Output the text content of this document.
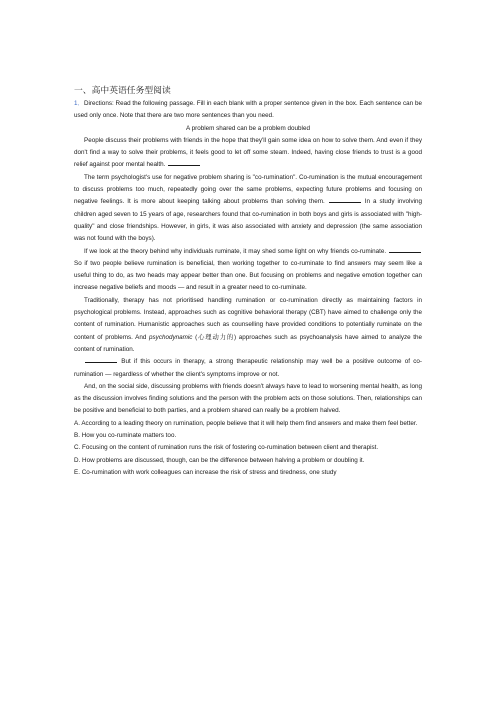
一、高中英语任务型阅读

1．Directions: Read the following passage. Fill in each blank with a proper sentence given in the box. Each sentence can be used only once. Note that there are two more sentences than you need.

A problem shared can be a problem doubled

People discuss their problems with friends in the hope that they'll gain some idea on how to solve them. And even if they don't find a way to solve their problems, it feels good to let off some steam. Indeed, having close friends to trust is a good relief against poor mental health.

The term psychologist's use for negative problem sharing is "co-rumination". Co-rumination is the mutual encouragement to discuss problems too much, repeatedly going over the same problems, expecting future problems and focusing on negative feelings. It is more about keeping talking about problems than solving them.	In a study involving children aged seven to 15 years of age, researchers found that co-rumination in both boys and girls is associated with "high-quality" and close friendships. However, in girls, it was also associated with anxiety and depression (the same association was not found with the boys).

If we look at the theory behind why individuals ruminate, it may shed some light on why friends co-ruminate.  So if two people believe rumination is beneficial, then working together to co-ruminate to find answers may seem like a useful thing to do, as two heads may appear better than one. But focusing on problems and negative emotion together can increase negative beliefs and moods — and result in a greater need to co-ruminate.

Traditionally, therapy has not prioritised handling rumination or co-rumination directly as maintaining factors in psychological problems. Instead, approaches such as cognitive behavioral therapy (CBT) have aimed to challenge only the content of rumination. Humanistic approaches such as counselling have provided conditions to potentially ruminate on the content of problems. And psychodynamic (心理动力的) approaches such as psychoanalysis have aimed to analyze the content of rumination.

But if this occurs in therapy, a strong therapeutic relationship may well be a positive outcome of co-rumination — regardless of whether the client's symptoms improve or not.

And, on the social side, discussing problems with friends doesn't always have to lead to worsening mental health, as long as the discussion involves finding solutions and the person with the problem acts on those solutions. Then, relationships can be positive and beneficial to both parties, and a problem shared can really be a problem halved.

A. According to a leading theory on rumination, people believe that it will help them find answers and make them feel better.

B. How you co-ruminate matters too.

C. Focusing on the content of rumination runs the risk of fostering co-rumination between client and therapist.

D. How problems are discussed, though, can be the difference between halving a problem or doubling it.

E. Co-rumination with work colleagues can increase the risk of stress and tiredness, one study
